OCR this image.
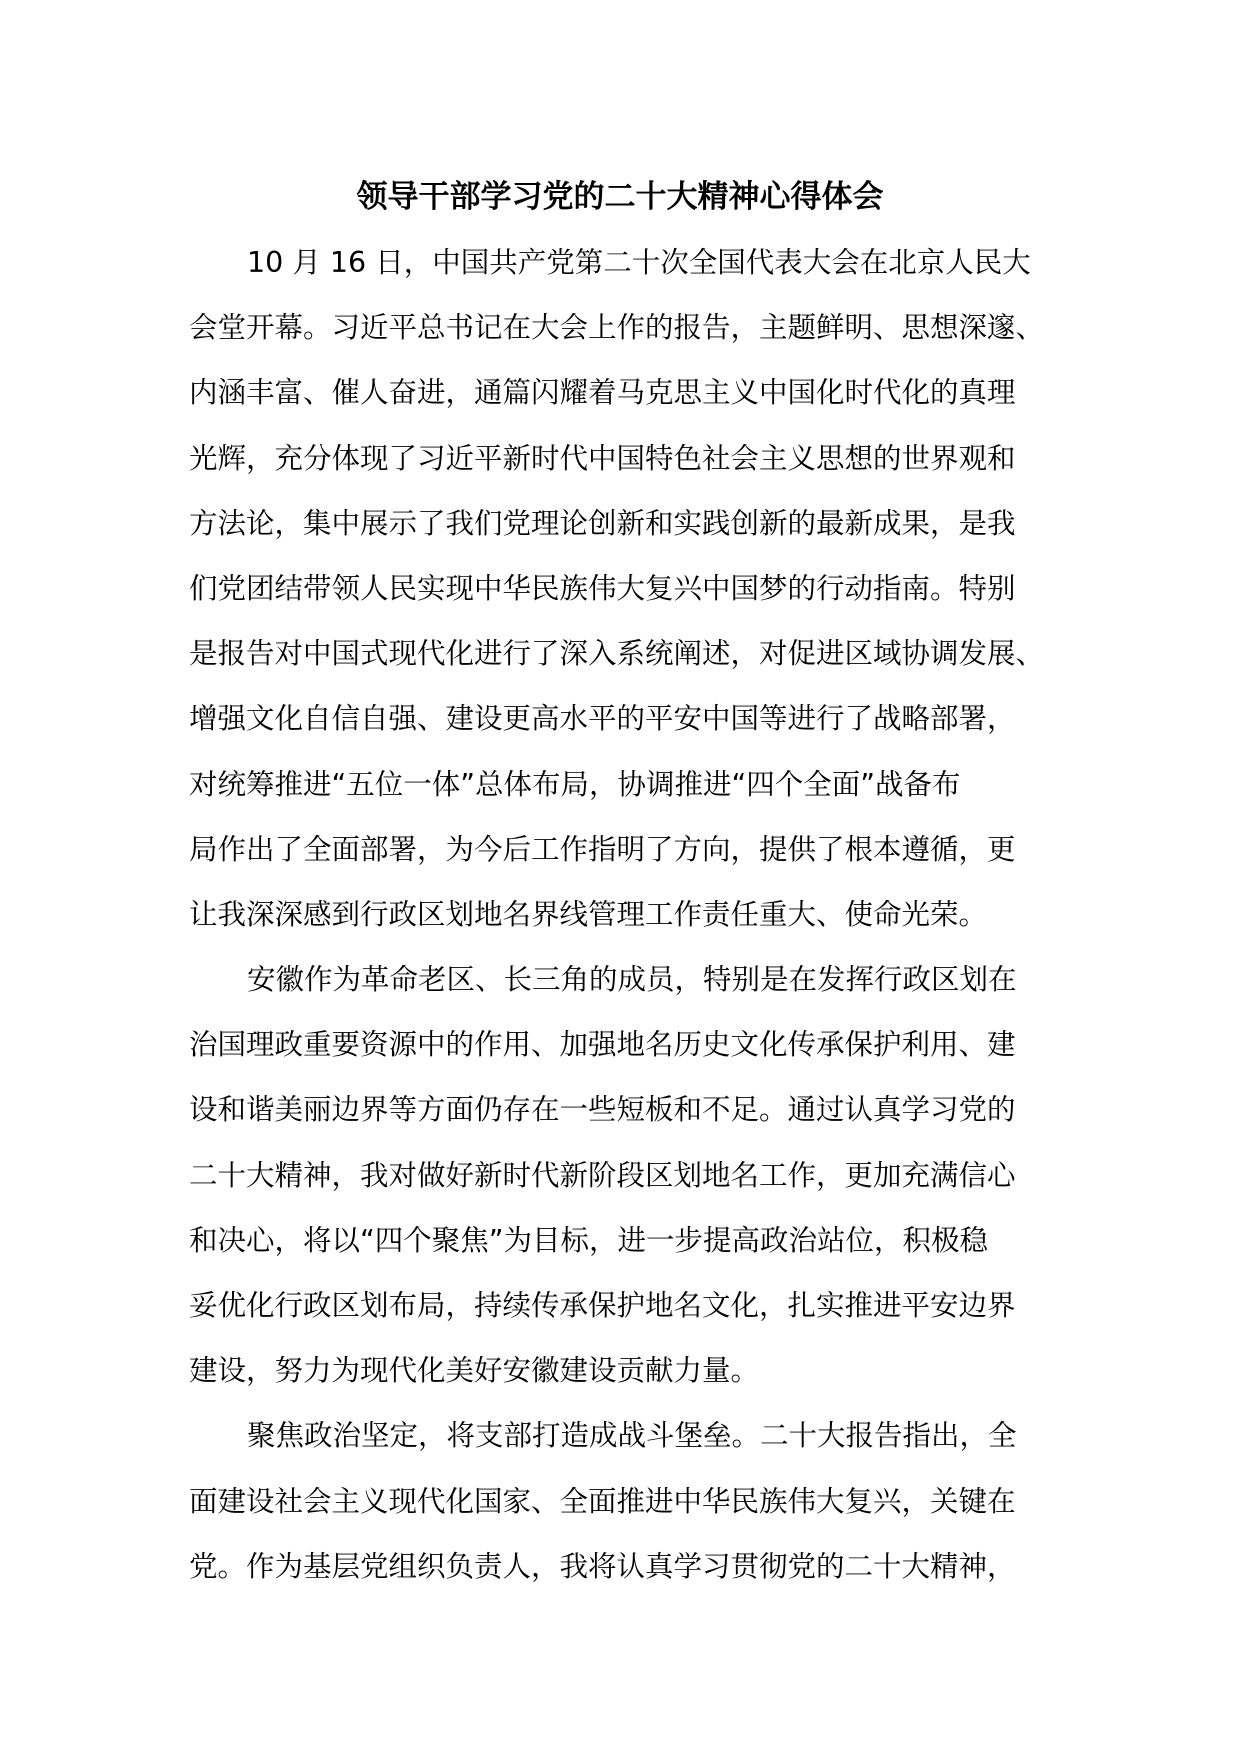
领导干部学习党的二十大精神心得体会
10 月 16 日，中国共产党第二十次全国代表大会在北京人民大
会堂开幕。习近平总书记在大会上作的报告，主题鲜明、思想深邃、
内涵丰富、催人奋进，通篇闪耀着马克思主义中国化时代化的真理
光辉，充分体现了习近平新时代中国特色社会主义思想的世界观和
方法论，集中展示了我们党理论创新和实践创新的最新成果，是我
们党团结带领人民实现中华民族伟大复兴中国梦的行动指南。特别
是报告对中国式现代化进行了深入系统阐述，对促进区域协调发展、
增强文化自信自强、建设更高水平的平安中国等进行了战略部署，
对统筹推进“五位一体”总体布局，协调推进“四个全面”战备布
局作出了全面部署，为今后工作指明了方向，提供了根本遵循，更
让我深深感到行政区划地名界线管理工作责任重大、使命光荣。
安徽作为革命老区、长三角的成员，特别是在发挥行政区划在
治国理政重要资源中的作用、加强地名历史文化传承保护利用、建
设和谐美丽边界等方面仍存在一些短板和不足。通过认真学习党的
二十大精神，我对做好新时代新阶段区划地名工作，更加充满信心
和决心，将以“四个聚焦”为目标，进一步提高政治站位，积极稳
妥优化行政区划布局，持续传承保护地名文化，扎实推进平安边界
建设，努力为现代化美好安徽建设贡献力量。
聚焦政治坚定，将支部打造成战斗堡垒。二十大报告指出，全
面建设社会主义现代化国家、全面推进中华民族伟大复兴，关键在
党。作为基层党组织负责人，我将认真学习贯彻党的二十大精神，
